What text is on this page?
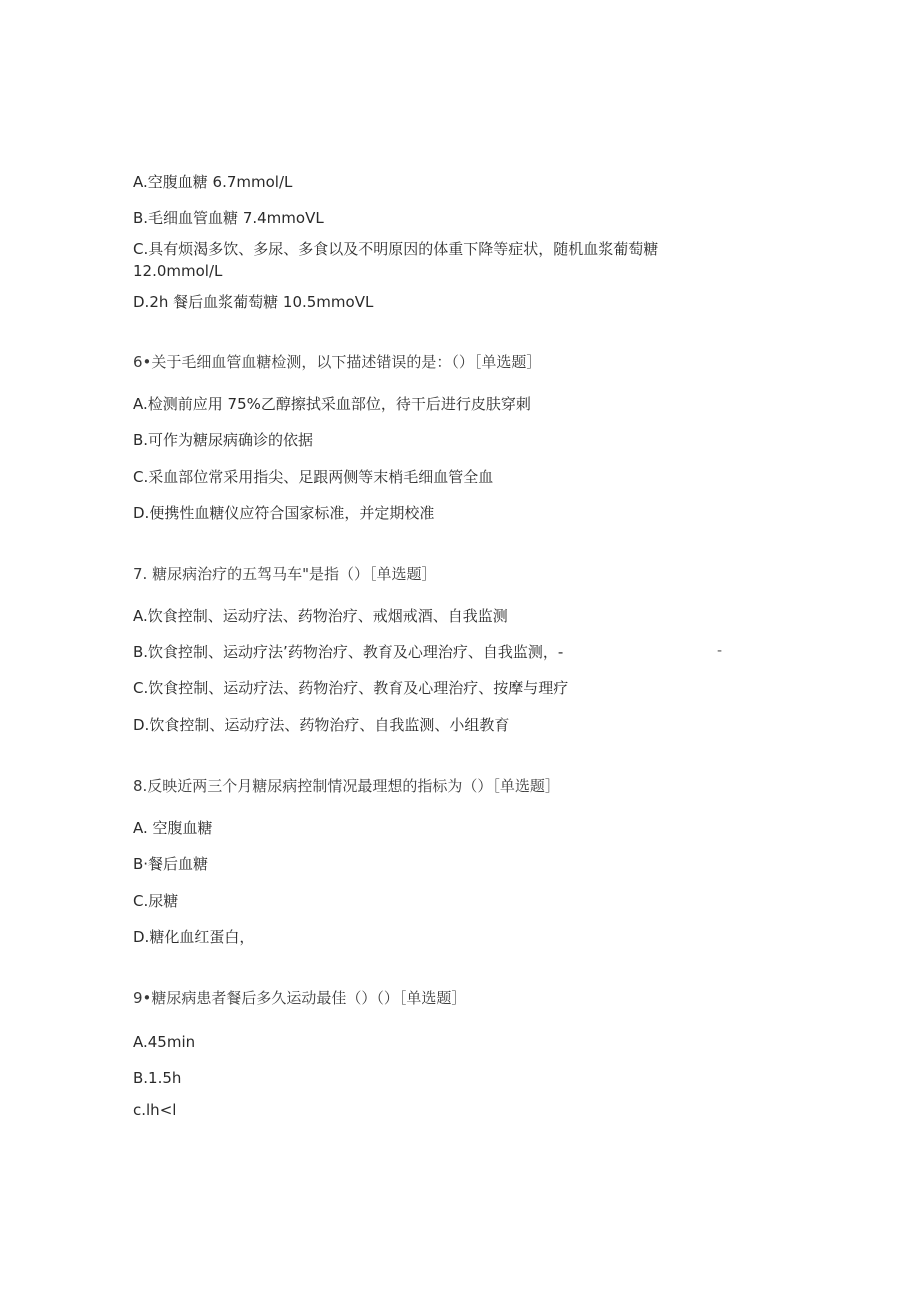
A.空腹血糖 6.7mmol/L
B.毛细血管血糖 7.4mmoVL
C.具有烦渴多饮、多尿、多食以及不明原因的体重下降等症状，随机血浆葡萄糖
12.0mmol/L
D.2h 餐后血浆葡萄糖 10.5mmoVL
6•关于毛细血管血糖检测，以下描述错误的是：（）［单选题］
A.检测前应用 75%乙醇擦拭采血部位，待干后进行皮肤穿刺
B.可作为糖尿病确诊的依据
C.采血部位常采用指尖、足跟两侧等末梢毛细血管全血
D.便携性血糖仪应符合国家标准，并定期校准
7. 糖尿病治疗的五驾马车"是指（）［单选题］
A.饮食控制、运动疗法、药物治疗、戒烟戒酒、自我监测
B.饮食控制、运动疗法’药物治疗、教育及心理治疗、自我监测，-	-
C.饮食控制、运动疗法、药物治疗、教育及心理治疗、按摩与理疗
D.饮食控制、运动疗法、药物治疗、自我监测、小组教育
8.反映近两三个月糖尿病控制情况最理想的指标为（）［单选题］
A. 空腹血糖
B·餐后血糖
C.尿糖
D.糖化血红蛋白，
9•糖尿病患者餐后多久运动最佳（）（）［单选题］
A.45min
B.1.5h
c.lh<l
